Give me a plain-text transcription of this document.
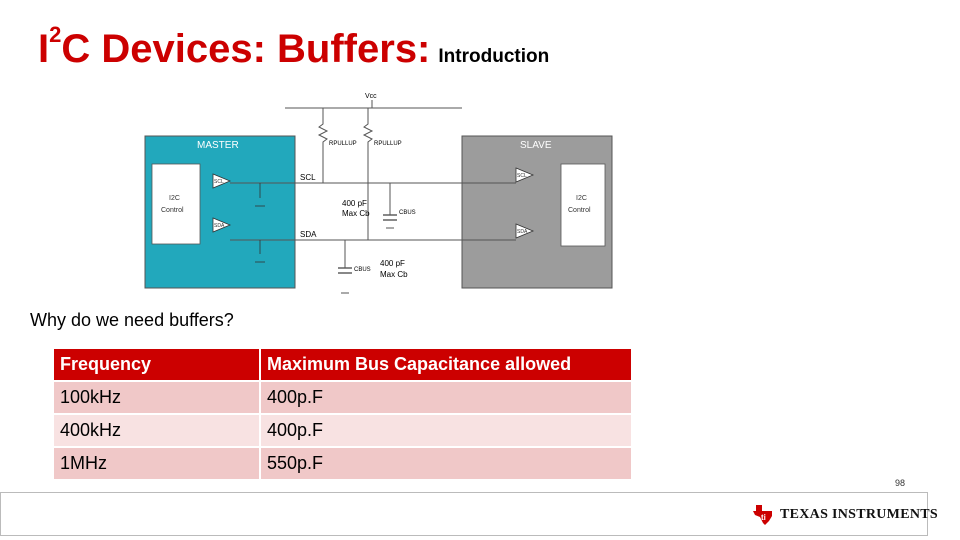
$I^2C$ Devices: Buffers: Introduction
MASTER
I2C
Control
SCL
SDA
SLAVE
I2C
Control
SCL
SDA
Vcc
RPULLUP	RPULLUP
SCL
SDA
CBUS
400 pF
Max Cb
CBUS
400 pF
Max Cb
Why do we need buffers?
Frequency	Maximum Bus Capacitance allowed
100kHz	400p.F
400kHz	400p.F
1MHz	550p.F
98
ti TEXAS INSTRUMENTS
